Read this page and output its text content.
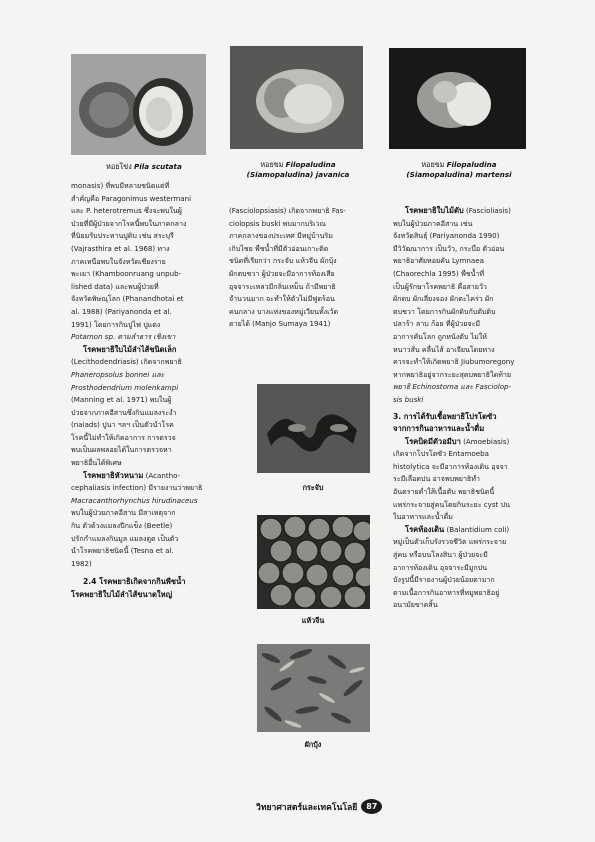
หอยโข่ง Pila scutata	หอยขม Filopaludina
(Siamopaludina) javanica
หอยขม Filopaludina
(Siamopaludina) martensi
กระจับ
แห้วจีน
ผักบุ้ง

monasis) ที่พบมีหลายชนิดแต่ที่

สำคัญคือ Paragonimus westermani

และ P. heterotremus ซึ่งจะพบในผู้

ป่วยที่มีผู้ป่วยจากโรคนี้พบในภาคกลาง

ที่นิยมรับประทานปูดิบ เช่น สระบุรี

(Vajrasthira et al. 1968) ทาง

ภาคเหนือพบในจังหวัดเชียงราย

พะเยา (Khamboonruang unpub-

lished data) และพบผู้ป่วยที่

จังหวัดพิษณุโลก (Phanandhotai et

al. 1988) (Pariyanonda et al.

1991) โดยการกินปูไฟ ปูแดง

Potamon sp. ตามลำธาร เชิงเขา

โรคพยาธิใบไม้ลำไส้ชนิดเล็ก

(Lecithodendriasis) เกิดจากพยาธิ

Phaneropsolus bonnei และ

Prosthodendrium molenkampi

(Manning et al. 1971) พบในผู้

ป่วยจากภาคอีสานซึ่งกินแมลงระงำ

(naiads) ปูนา ฯลฯ เป็นตัวนำโรค

โรคนี้ไม่ทำให้เกิดอาการ การตรวจ

พบเป็นผลพลอยได้ในการตรวจหา

พยาธิอื่นได้พิเศษ

โรคพยาธิหัวหนาม (Acantho-

cephaliasis infection) มีรายงานว่าพยาธิ

Macracanthorhynchus hirudinaceus

พบในผู้ป่วยภาคอีสาน มีสาเหตุจาก

กิน ตัวด้วงแมลงปีกแข็ง (Beetle)

ปรักกำแมลงกินมูล แมลงตูด เป็นตัว

นำโรคพยาธิชนิดนี้ (Tesna et al.

1982)

2.4 โรคพยาธิเกิดจากกินพืชน้ำ

โรคพยาธิใบไม้ลำไส้ขนาดใหญ่

(Fasciolopsiasis) เกิดจากพยาธิ Fas-

ciolopsis buski พบมากบริเวณ

ภาคกลางของประเทศ มีหมู่บ้านริม

เกิบไชย พืชน้ำที่มีตัวอ่อนเกาะติด

ชนิดที่เรียกว่า กระจับ แห้วจีน ผักบุ้ง

ผักตบชวา ผู้ป่วยจะมีอาการท้องเสีย

อุจจาระเหลวมีกลิ่นเหม็น ถ้ามีพยาธิ

จำนวนมาก จะทำให้ตัวไม่มีฟูดร้อน

คนกลาง บางแห่งของหมู่เวียนทั้งเวัด

ตายได้ (Manjo Sumaya 1941)

โรคพยาธิใบไม้ตับ (Fascioliasis)

พบในผู้ป่วยภาคอีสาน เช่น

จังหวัดสินธุ์ (Pariyanonda 1990)

มีวิวัฒนาการ เป็นวัว, กระบือ ตัวอ่อน

พยาธิอาศัยหอยคัน Lymnaea

(Chaorechla 1995) พืชน้ำที่

เป็นผู้รักษาโรคพยาธิ คือสายวัว

ผักตบ ผักเลี่ยงจอง ผักตะไคร่ว ผัก

ตบชวา โดยการกินผักดิบกับตับดิบ

ปลาร้า ลาบ ก้อย ที่ผู้ป่วยจะมี

อาการคันโลก ถูกหนังตับ ไม่ให้

หนาวสั่น คลื่นไส้ อาเจียนโดยทาง

ควรจะทำให้เกิดพยาธิ Jiubumoregony

หากพยาธิอยู่จากระยะสุดบพยาธิใดท้าย

พยาธิ Echinostoma และ Fasciolop-

sis buski

3. การได้รับเชื้อพยาธิโปรโตซัว

จากการกินอาหารและน้ำดื่ม

โรคบิดมีตัวอมีบา (Amoebiasis)

เกิดจากโปรโตซัว Entamoeba

histolytica จะมีอาการท้องเดิน อุจจา

ระมีเลือดปน อาจพบพยาธิทำ

อันตรายต่ำใส้เนื้อตับ พยาธิชนิดนี้

แพร่กระจายสู่คนโดยกินระยะ cyst ปน

ในอาหารและน้ำดื่ม

โรคท้องเดิน (Balantidium coli)

หมู่เป็นตัวเก็บรังรวจชีวิต แพร่กระจาย

สู่คน หรือบนโลงสินา ผู้ป่วยจะมี

อาการท้องเดิน อุจจาระมีมูกปน

บังรูปนี้มีรายงานผู้ป่วยน้อยตามาก

ตามเนื้อการกินอาหารที่หมูพยาธิอยู่

อนามัยขาดสิ้น

วิทยาศาสตร์และเทคโนโลยี	87
